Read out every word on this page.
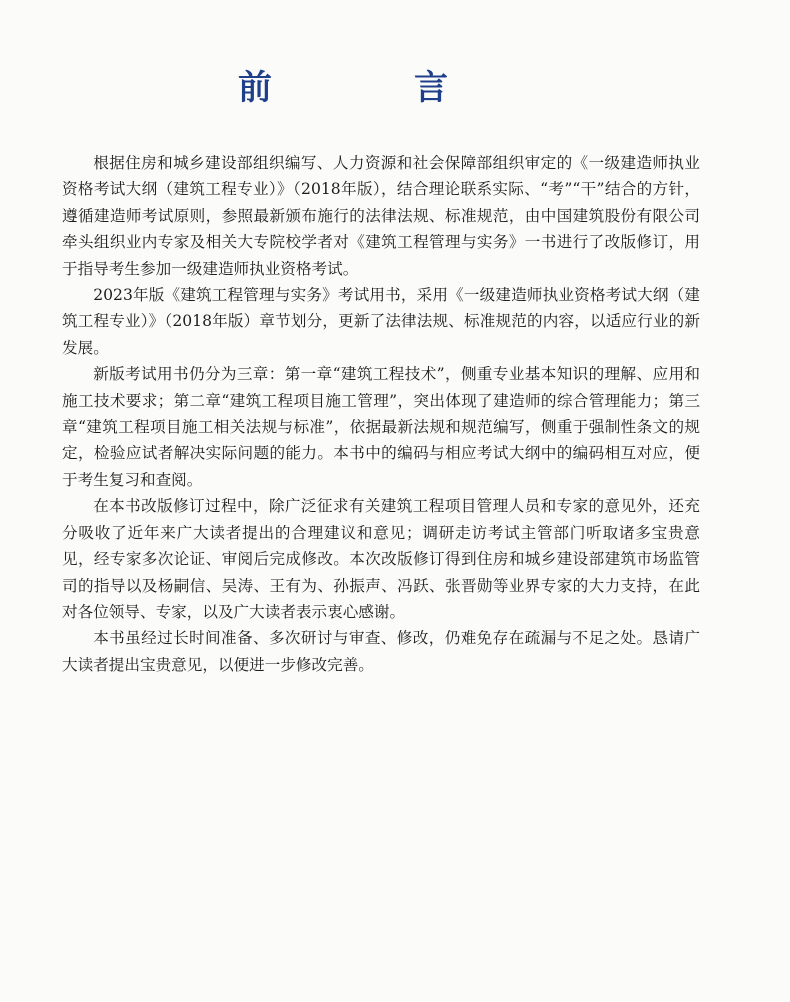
前　言

根据住房和城乡建设部组织编写、人力资源和社会保障部组织审定的《一级建造师执业资格考试大纲（建筑工程专业）》（2018年版），结合理论联系实际、“考”“干”结合的方针，遵循建造师考试原则，参照最新颁布施行的法律法规、标准规范，由中国建筑股份有限公司牵头组织业内专家及相关大专院校学者对《建筑工程管理与实务》一书进行了改版修订，用于指导考生参加一级建造师执业资格考试。

2023年版《建筑工程管理与实务》考试用书，采用《一级建造师执业资格考试大纲（建筑工程专业）》（2018年版）章节划分，更新了法律法规、标准规范的内容，以适应行业的新发展。

新版考试用书仍分为三章：第一章“建筑工程技术”，侧重专业基本知识的理解、应用和施工技术要求；第二章“建筑工程项目施工管理”，突出体现了建造师的综合管理能力；第三章“建筑工程项目施工相关法规与标准”，依据最新法规和规范编写，侧重于强制性条文的规定，检验应试者解决实际问题的能力。本书中的编码与相应考试大纲中的编码相互对应，便于考生复习和查阅。

在本书改版修订过程中，除广泛征求有关建筑工程项目管理人员和专家的意见外，还充分吸收了近年来广大读者提出的合理建议和意见；调研走访考试主管部门听取诸多宝贵意见，经专家多次论证、审阅后完成修改。本次改版修订得到住房和城乡建设部建筑市场监管司的指导以及杨嗣信、吴涛、王有为、孙振声、冯跃、张晋勋等业界专家的大力支持，在此对各位领导、专家，以及广大读者表示衷心感谢。

本书虽经过长时间准备、多次研讨与审查、修改，仍难免存在疏漏与不足之处。恳请广大读者提出宝贵意见，以便进一步修改完善。
